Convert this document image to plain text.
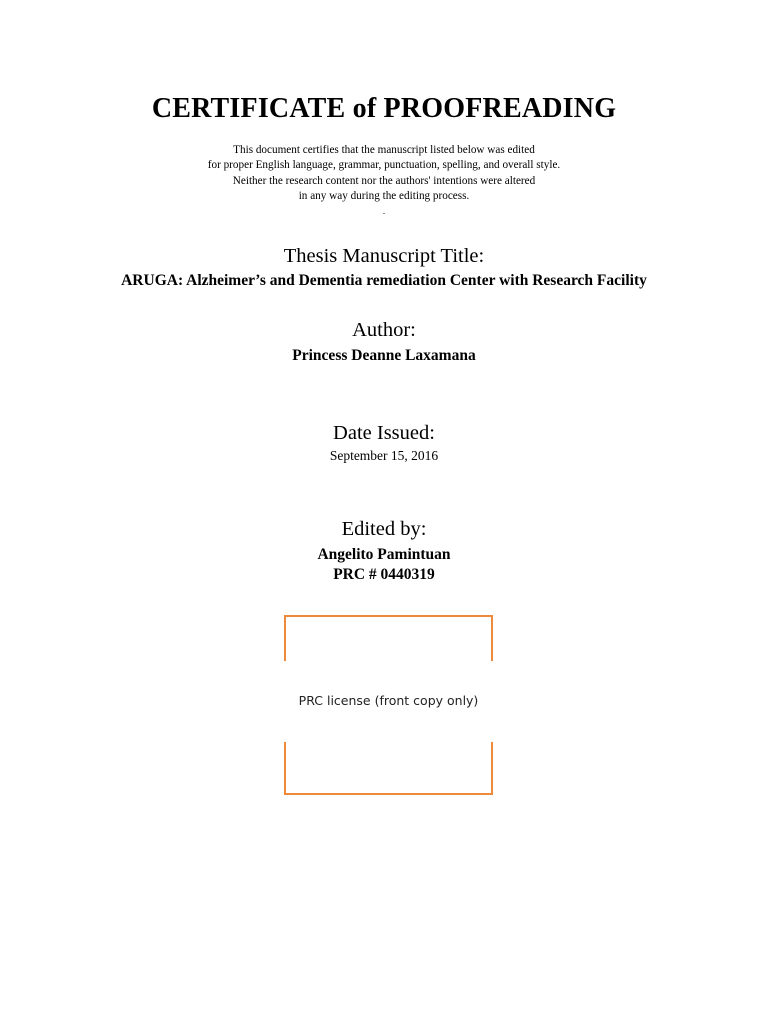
CERTIFICATE of PROOFREADING
This document certifies that the manuscript listed below was edited
for proper English language, grammar, punctuation, spelling, and overall style.
Neither the research content nor the authors' intentions were altered
in any way during the editing process.
.
Thesis Manuscript Title:
ARUGA: Alzheimer’s and Dementia remediation Center with Research Facility
Author:
Princess Deanne Laxamana
Date Issued:
September 15, 2016
Edited by:
Angelito Pamintuan
PRC # 0440319
PRC license (front copy only)
